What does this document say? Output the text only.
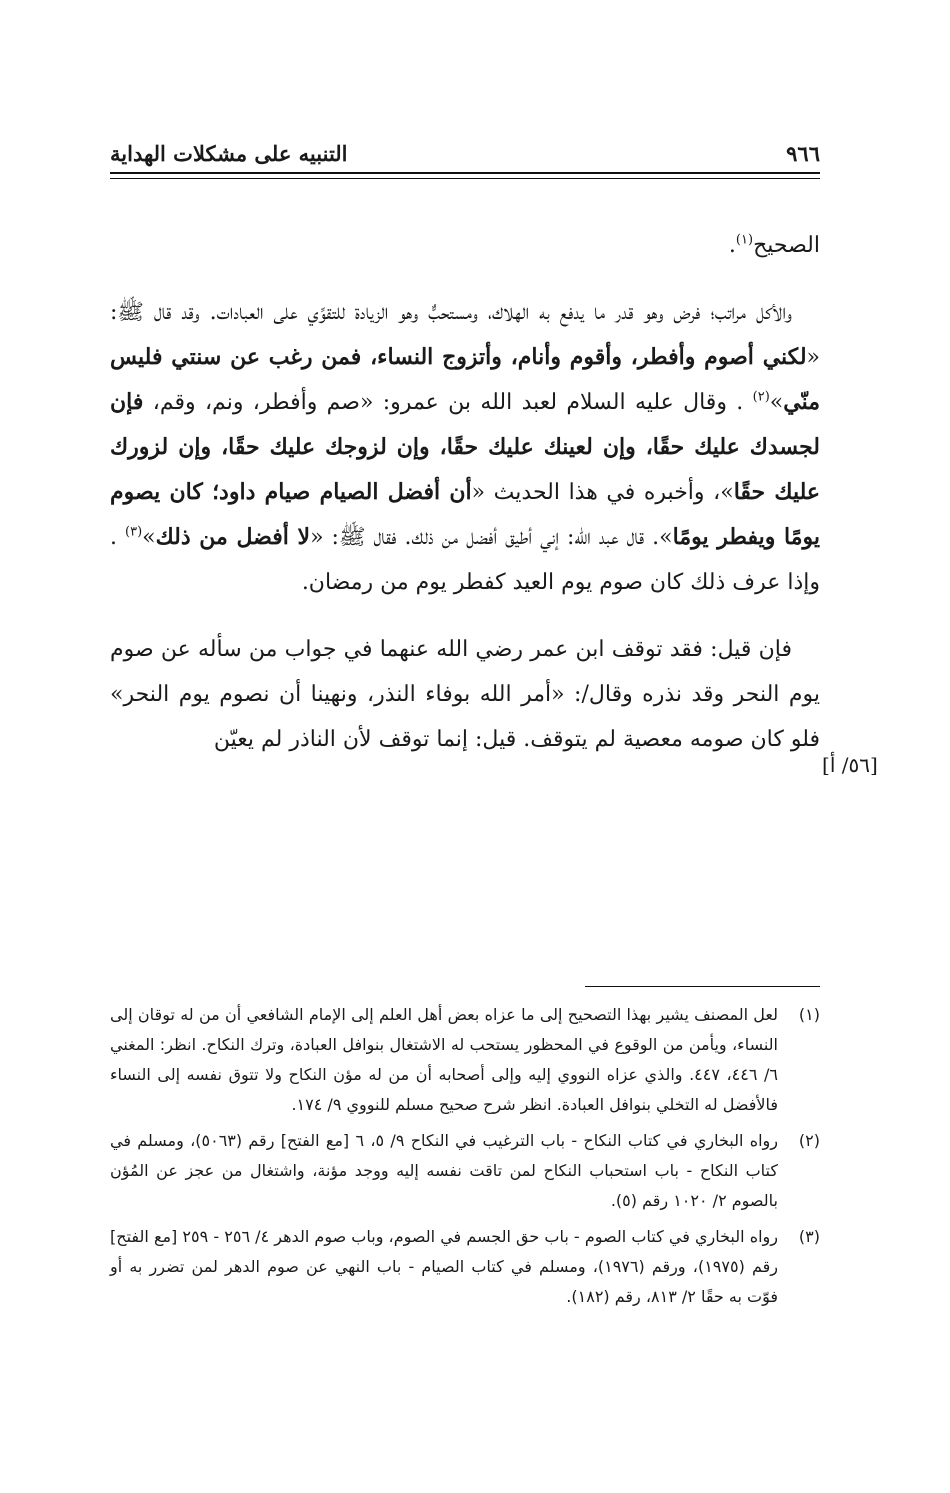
٩٦٦
التنبيه على مشكلات الهداية

الصحيح$^{(١)}$.

والأكل مراتب؛ فرض وهو قدر ما يدفع به الهلاك، ومستحبٌّ وهو الزيادة للتقوِّي على العبادات. وقد قال ﷺ: «لكني أصوم وأفطر، وأقوم وأنام، وأتزوج النساء، فمن رغب عن سنتي فليس منّي»$^{(٢)}$ . وقال عليه السلام لعبد الله بن عمرو: «صم وأفطر، ونم، وقم، فإن لجسدك عليك حقًا، وإن لعينك عليك حقًا، وإن لزوجك عليك حقًا، وإن لزورك عليك حقًا»، وأخبره في هذا الحديث «أن أفضل الصيام صيام داود؛ كان يصوم يومًا ويفطر يومًا». قال عبد الله: إني أطيق أفضل من ذلك. فقال ﷺ: «لا أفضل من ذلك»$^{(٣)}$ . وإذا عرف ذلك كان صوم يوم العيد كفطر يوم من رمضان.

فإن قيل: فقد توقف ابن عمر رضي الله عنهما في جواب من سأله عن صوم يوم النحر وقد نذره وقال/: «أمر الله بوفاء النذر، ونهينا أن نصوم يوم النحر» فلو كان صومه معصية لم يتوقف. قيل: إنما توقف لأن الناذر لم يعيّن

(١)
لعل المصنف يشير بهذا التصحيح إلى ما عزاه بعض أهل العلم إلى الإمام الشافعي أن من له توقان إلى النساء، ويأمن من الوقوع في المحظور يستحب له الاشتغال بنوافل العبادة، وترك النكاح. انظر: المغني ٦/ ٤٤٦، ٤٤٧. والذي عزاه النووي إليه وإلى أصحابه أن من له مؤن النكاح ولا تتوق نفسه إلى النساء فالأفضل له التخلي بنوافل العبادة. انظر شرح صحيح مسلم للنووي ٩/ ١٧٤.
(٢)
رواه البخاري في كتاب النكاح - باب الترغيب في النكاح ٩/ ٥، ٦ [مع الفتح] رقم (٥٠٦٣)، ومسلم في كتاب النكاح - باب استحباب النكاح لمن تاقت نفسه إليه ووجد مؤنة، واشتغال من عجز عن المُؤن بالصوم ٢/ ١٠٢٠ رقم (٥).
(٣)
رواه البخاري في كتاب الصوم - باب حق الجسم في الصوم، وباب صوم الدهر ٤/ ٢٥٦ - ٢٥٩ [مع الفتح] رقم (١٩٧٥)، ورقم (١٩٧٦)، ومسلم في كتاب الصيام - باب النهي عن صوم الدهر لمن تضرر به أو فوّت به حقًا ٢/ ٨١٣، رقم (١٨٢).
[٥٦/ أ]
